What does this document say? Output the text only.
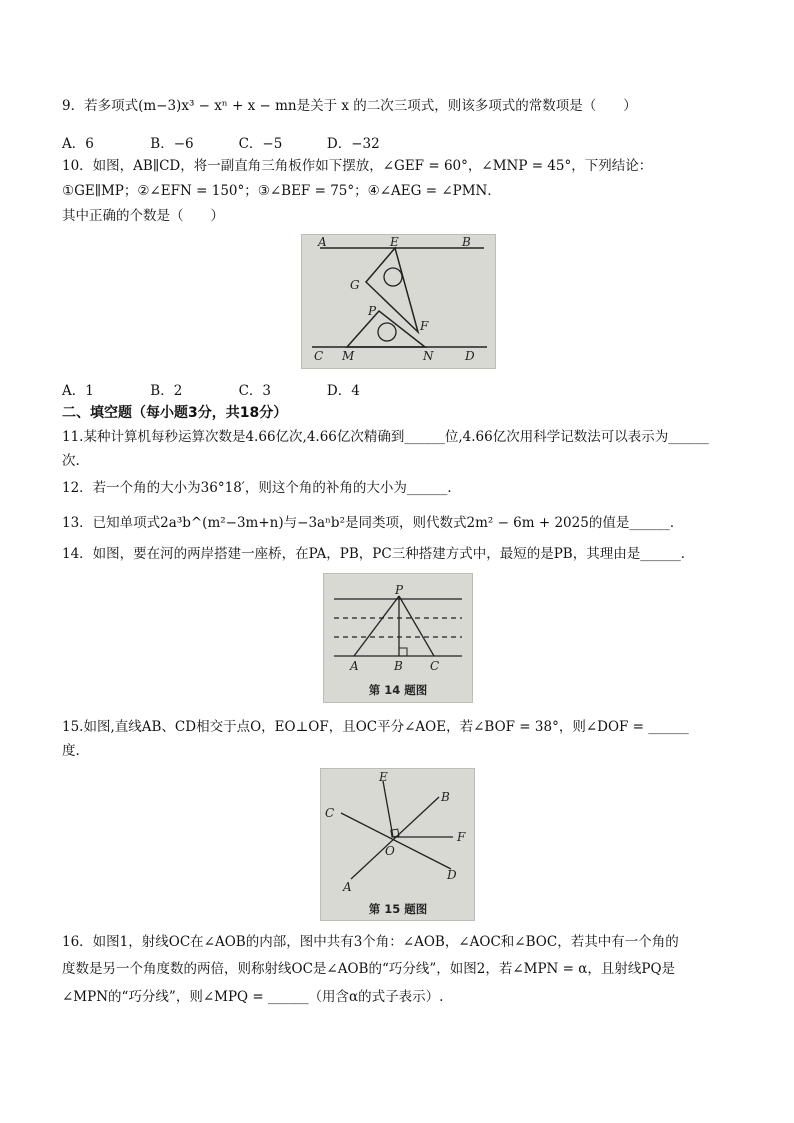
9．若多项式(m−3)x³ − xⁿ + x − mn是关于 x 的二次三项式，则该多项式的常数项是（　　）
A．6	B．−6	C．−5	D．−32
10．如图，AB∥CD，将一副直角三角板作如下摆放，∠GEF = 60°，∠MNP = 45°，下列结论：
①GE∥MP；②∠EFN = 150°；③∠BEF = 75°；④∠AEG = ∠PMN．
其中正确的个数是（　　）
A	E	B
G
P
F
C M	N	D
A．1	B．2	C．3	D．4
二、填空题（每小题3分，共18分）
11.某种计算机每秒运算次数是4.66亿次,4.66亿次精确到______位,4.66亿次用科学记数法可以表示为______
次.
12．若一个角的大小为36°18′，则这个角的补角的大小为______．
13．已知单项式2a³b^(m²−3m+n)与−3aⁿb²是同类项，则代数式2m² − 6m + 2025的值是______．
14．如图，要在河的两岸搭建一座桥，在PA，PB，PC三种搭建方式中，最短的是PB，其理由是______．
P
A	B C
第 14 题图
15.如图,直线AB、CD相交于点O，EO⊥OF，且OC平分∠AOE，若∠BOF = 38°，则∠DOF = ______
度.
E
B
C
F
O
D
A
第 15 题图
16．如图1，射线OC在∠AOB的内部，图中共有3个角：∠AOB，∠AOC和∠BOC，若其中有一个角的
度数是另一个角度数的两倍，则称射线OC是∠AOB的“巧分线”，如图2，若∠MPN = α，且射线PQ是
∠MPN的“巧分线”，则∠MPQ = ______（用含α的式子表示）.
